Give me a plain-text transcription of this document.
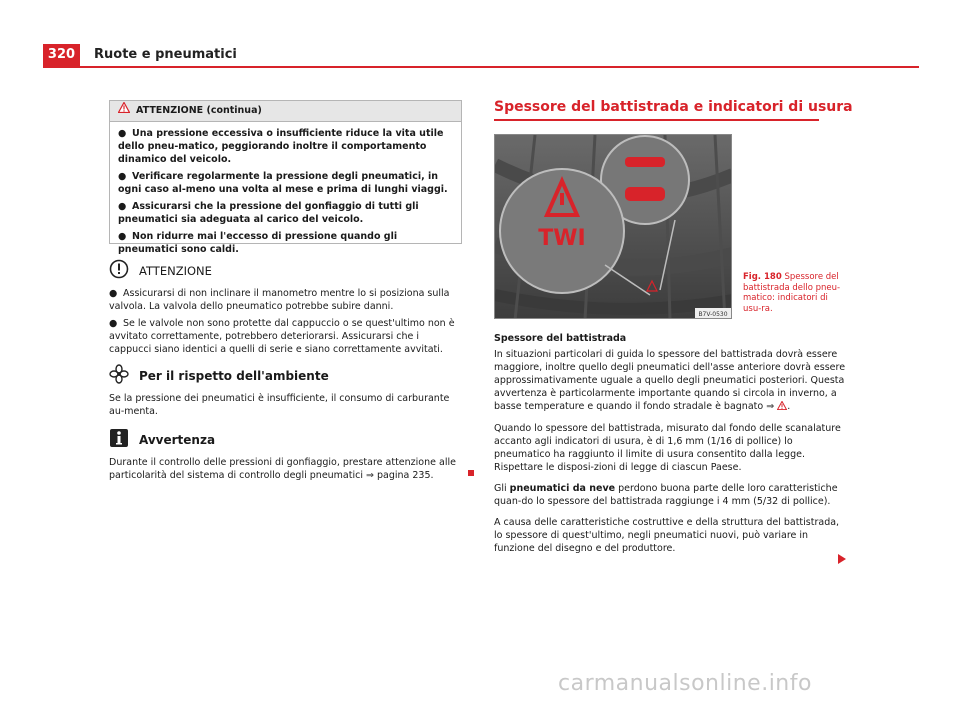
320	Ruote e pneumatici
ATTENZIONE (continua)

● Una pressione eccessiva o insufficiente riduce la vita utile dello pneu-matico, peggiorando inoltre il comportamento dinamico del veicolo.

● Verificare regolarmente la pressione degli pneumatici, in ogni caso al-meno una volta al mese e prima di lunghi viaggi.

● Assicurarsi che la pressione del gonfiaggio di tutti gli pneumatici sia adeguata al carico del veicolo.

● Non ridurre mai l'eccesso di pressione quando gli pneumatici sono caldi.

ATTENZIONE

● Assicurarsi di non inclinare il manometro mentre lo si posiziona sulla valvola. La valvola dello pneumatico potrebbe subire danni.

● Se le valvole non sono protette dal cappuccio o se quest'ultimo non è avvitato correttamente, potrebbero deteriorarsi. Assicurarsi che i cappucci siano identici a quelli di serie e siano correttamente avvitati.

Per il rispetto dell'ambiente

Se la pressione dei pneumatici è insufficiente, il consumo di carburante au-menta.

Avvertenza

Durante il controllo delle pressioni di gonfiaggio, prestare attenzione alle particolarità del sistema di controllo degli pneumatici ⇒ pagina 235.

Spessore del battistrada e indicatori di usura
TWI
B7V-0530
Fig. 180 Spessore del battistrada dello pneu-matico: indicatori di usu-ra.
Spessore del battistrada

In situazioni particolari di guida lo spessore del battistrada dovrà essere maggiore, inoltre quello degli pneumatici dell'asse anteriore dovrà essere approssimativamente uguale a quello degli pneumatici posteriori. Questa avvertenza è particolarmente importante quando si circola in inverno, a basse temperature e quando il fondo stradale è bagnato ⇒ .

Quando lo spessore del battistrada, misurato dal fondo delle scanalature accanto agli indicatori di usura, è di 1,6 mm (1/16 di pollice) lo pneumatico ha raggiunto il limite di usura consentito dalla legge. Rispettare le disposi-zioni di legge di ciascun Paese.

Gli pneumatici da neve perdono buona parte delle loro caratteristiche quan-do lo spessore del battistrada raggiunge i 4 mm (5/32 di pollice).

A causa delle caratteristiche costruttive e della struttura del battistrada, lo spessore di quest'ultimo, negli pneumatici nuovi, può variare in funzione del disegno e del produttore.

carmanualsonline.info
